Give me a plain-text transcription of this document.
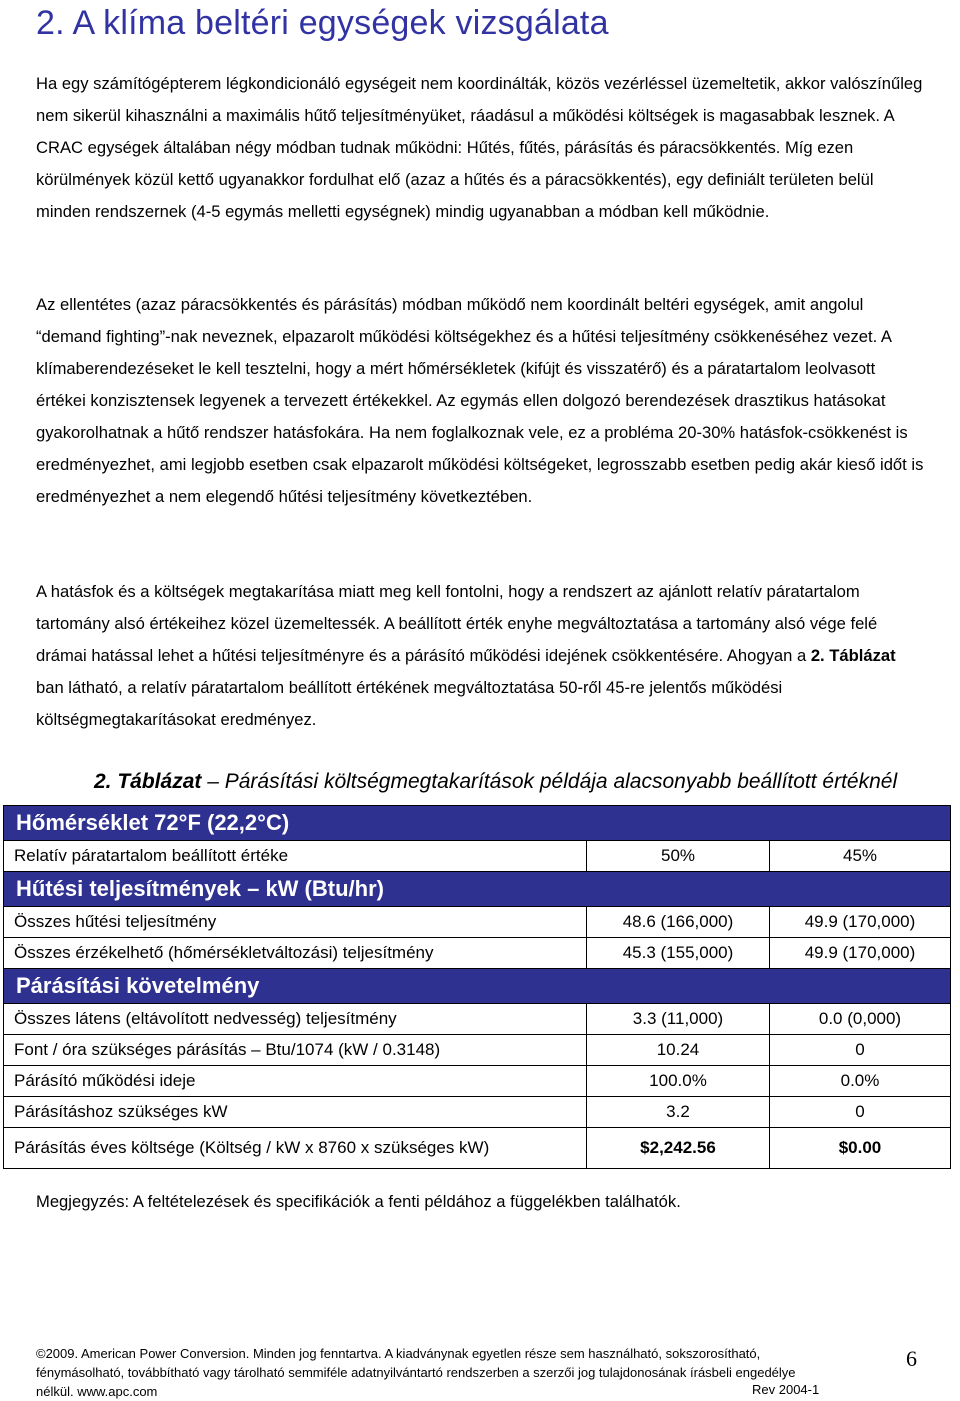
2. A klíma beltéri egységek vizsgálata

Ha egy számítógépterem légkondicionáló egységeit nem koordinálták, közös vezérléssel üzemeltetik, akkor valószínűleg nem sikerül kihasználni a maximális hűtő teljesítményüket, ráadásul a működési költségek is magasabbak lesznek. A CRAC egységek általában négy módban tudnak működni: Hűtés, fűtés, párásítás és páracsökkentés. Míg ezen körülmények közül kettő ugyanakkor fordulhat elő (azaz a hűtés és a páracsökkentés), egy definiált területen belül minden rendszernek (4-5 egymás melletti egységnek) mindig ugyanabban a módban kell működnie.

Az ellentétes (azaz páracsökkentés és párásítás) módban működő nem koordinált beltéri egységek, amit angolul “demand fighting”-nak neveznek, elpazarolt működési költségekhez és a hűtési teljesítmény csökkenéséhez vezet. A klímaberendezéseket le kell tesztelni, hogy a mért hőmérsékletek (kifújt és visszatérő) és a páratartalom leolvasott értékei konzisztensek legyenek a tervezett értékekkel. Az egymás ellen dolgozó berendezések drasztikus hatásokat gyakorolhatnak a hűtő rendszer hatásfokára. Ha nem foglalkoznak vele, ez a probléma 20-30% hatásfok-csökkenést is eredményezhet, ami legjobb esetben csak elpazarolt működési költségeket, legrosszabb esetben pedig akár kieső időt is eredményezhet a nem elegendő hűtési teljesítmény következtében.

A hatásfok és a költségek megtakarítása miatt meg kell fontolni, hogy a rendszert az ajánlott relatív páratartalom tartomány alsó értékeihez közel üzemeltessék. A beállított érték enyhe megváltoztatása a tartomány alsó vége felé drámai hatással lehet a hűtési teljesítményre és a párásító működési idejének csökkentésére. Ahogyan a 2. Táblázat ban látható, a relatív páratartalom beállított értékének megváltoztatása 50-ről 45-re jelentős működési költségmegtakarításokat eredményez.

2. Táblázat – Párásítási költségmegtakarítások példája alacsonyabb beállított értéknél

Hőmérséklet 72°F (22,2°C)		
Relatív páratartalom beállított értéke	50%	45%
Hűtési teljesítmények – kW (Btu/hr)		
Összes hűtési teljesítmény	48.6 (166,000)	49.9 (170,000)
Összes érzékelhető (hőmérsékletváltozási) teljesítmény	45.3 (155,000)	49.9 (170,000)
Párásítási követelmény		
Összes látens (eltávolított nedvesség) teljesítmény	3.3 (11,000)	0.0 (0,000)
Font / óra szükséges párásítás – Btu/1074 (kW / 0.3148)	10.24	0
Párásító működési ideje	100.0%	0.0%
Párásításhoz szükséges kW	3.2	0
Párásítás éves költsége (Költség / kW x 8760 x szükséges kW)	$2,242.56	$0.00

Megjegyzés: A feltételezések és specifikációk a fenti példához a függelékben találhatók.

©2009. American Power Conversion. Minden jog fenntartva. A kiadványnak egyetlen része sem használható, sokszorosítható, fénymásolható, továbbítható vagy tárolható semmiféle adatnyilvántartó rendszerben a szerzői jog tulajdonosának írásbeli engedélye nélkül. www.apc.com

6

Rev 2004-1
